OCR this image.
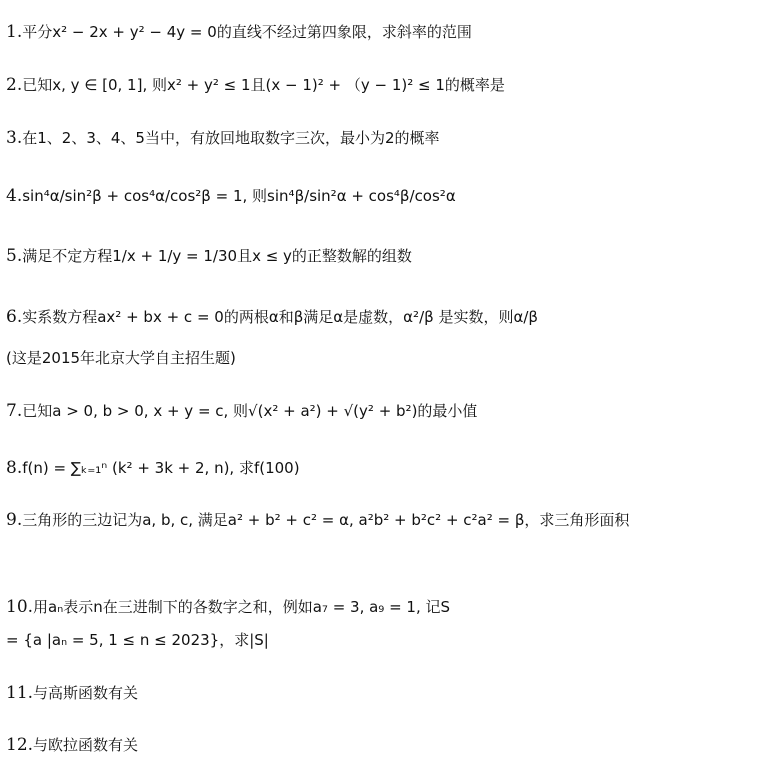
1.平分x² − 2x + y² − 4y = 0的直线不经过第四象限，求斜率的范围
2.已知x, y ∈ [0, 1], 则x² + y² ≤ 1且(x − 1)² + （y − 1)² ≤ 1的概率是
3.在1、2、3、4、5当中，有放回地取数字三次，最小为2的概率
4.sin⁴α/sin²β + cos⁴α/cos²β = 1, 则sin⁴β/sin²α + cos⁴β/cos²α
5.满足不定方程1/x + 1/y = 1/30且x ≤ y的正整数解的组数
6.实系数方程ax² + bx + c = 0的两根α和β满足α是虚数，α²/β 是实数，则α/β
(这是2015年北京大学自主招生题)
7.已知a > 0, b > 0, x + y = c, 则√(x² + a²) + √(y² + b²)的最小值
8.f(n) = ∑ₖ₌₁ⁿ (k² + 3k + 2, n), 求f(100)
9.三角形的三边记为a, b, c, 满足a² + b² + c² = α, a²b² + b²c² + c²a² = β，求三角形面积
10.用aₙ表示n在三进制下的各数字之和，例如a₇ = 3, a₉ = 1, 记S
= {a |aₙ = 5, 1 ≤ n ≤ 2023}，求|S|
11.与高斯函数有关
12.与欧拉函数有关
